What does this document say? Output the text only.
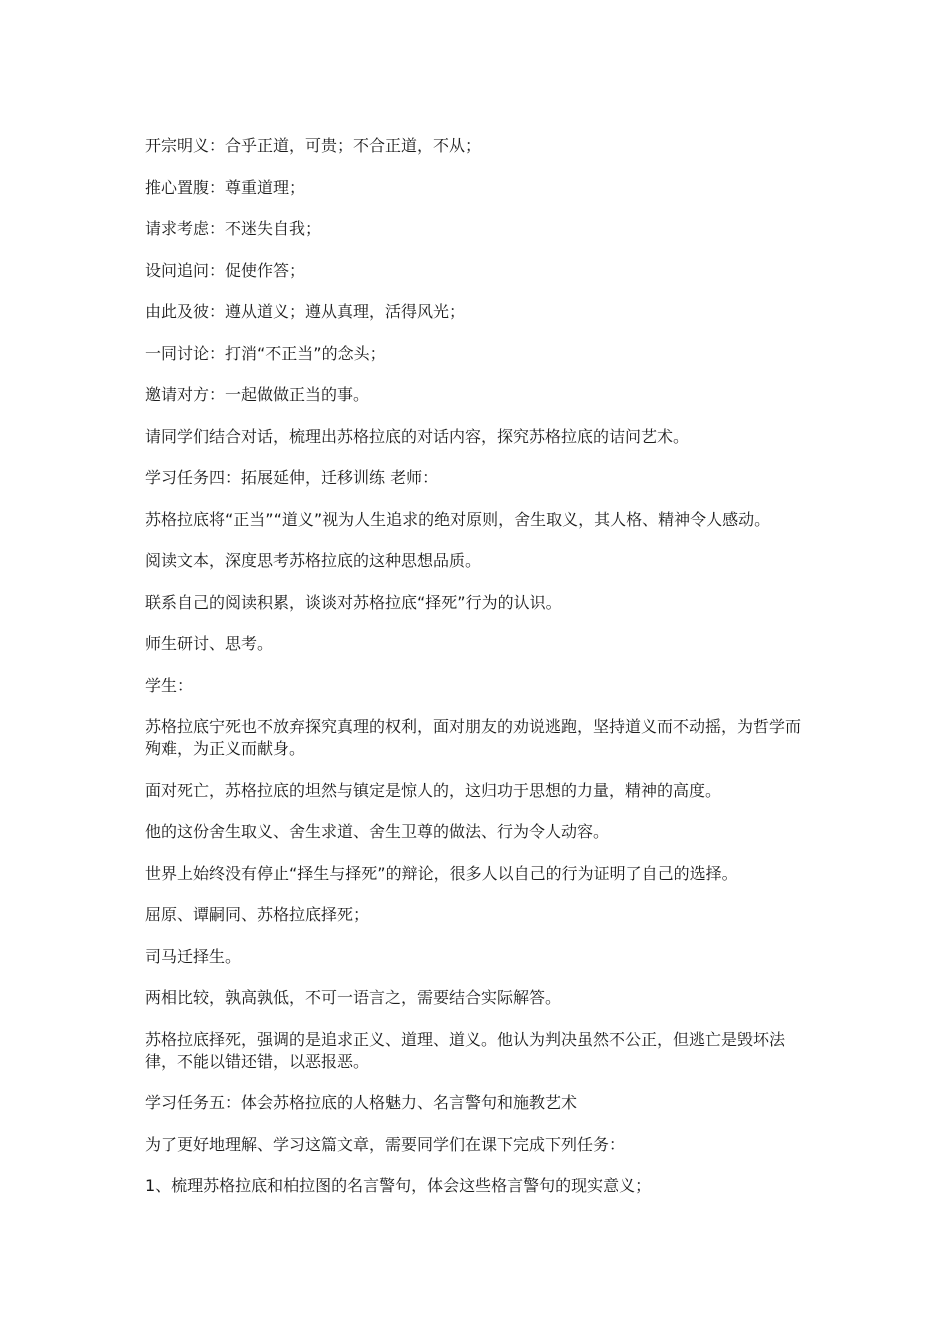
开宗明义：合乎正道，可贵；不合正道，不从；

推心置腹：尊重道理；

请求考虑：不迷失自我；

设问追问：促使作答；

由此及彼：遵从道义；遵从真理，活得风光；

一同讨论：打消“不正当”的念头；

邀请对方：一起做做正当的事。

请同学们结合对话，梳理出苏格拉底的对话内容，探究苏格拉底的诘问艺术。

学习任务四：拓展延伸，迁移训练 老师：

苏格拉底将“正当”“道义”视为人生追求的绝对原则，舍生取义，其人格、精神令人感动。

阅读文本，深度思考苏格拉底的这种思想品质。

联系自己的阅读积累，谈谈对苏格拉底“择死”行为的认识。

师生研讨、思考。

学生：

苏格拉底宁死也不放弃探究真理的权利，面对朋友的劝说逃跑，坚持道义而不动摇，为哲学而殉难，为正义而献身。

面对死亡，苏格拉底的坦然与镇定是惊人的，这归功于思想的力量，精神的高度。

他的这份舍生取义、舍生求道、舍生卫尊的做法、行为令人动容。

世界上始终没有停止“择生与择死”的辩论，很多人以自己的行为证明了自己的选择。

屈原、谭嗣同、苏格拉底择死；

司马迁择生。

两相比较，孰高孰低，不可一语言之，需要结合实际解答。

苏格拉底择死，强调的是追求正义、道理、道义。他认为判决虽然不公正，但逃亡是毁坏法律，不能以错还错，以恶报恶。

学习任务五：体会苏格拉底的人格魅力、名言警句和施教艺术

为了更好地理解、学习这篇文章，需要同学们在课下完成下列任务：

1、梳理苏格拉底和柏拉图的名言警句，体会这些格言警句的现实意义；
